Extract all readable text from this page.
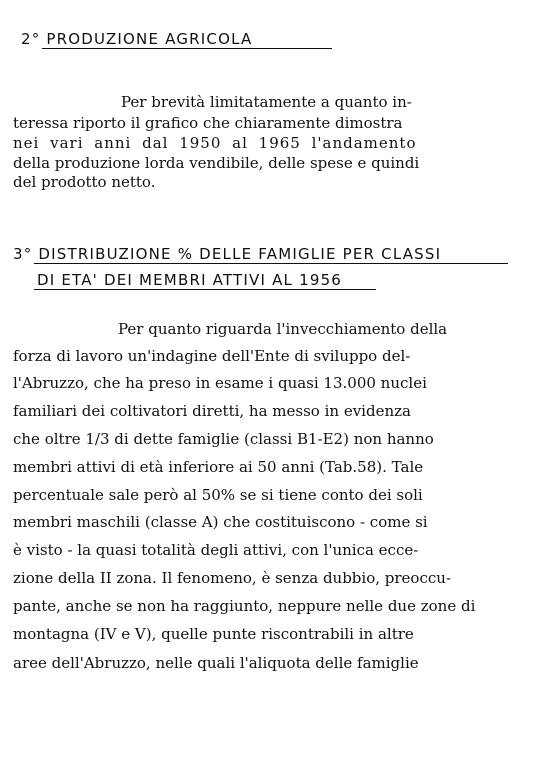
2° PRODUZIONE AGRICOLA
Per brevità limitatamente a quanto in-
teressa riporto il grafico che chiaramente dimostra
nei vari anni dal 1950 al 1965 l'andamento
della produzione lorda vendibile, delle spese e quindi
del prodotto netto.
3° DISTRIBUZIONE % DELLE FAMIGLIE PER CLASSI
DI ETA' DEI MEMBRI ATTIVI AL 1956
Per quanto riguarda l'invecchiamento della
forza di lavoro un'indagine dell'Ente di sviluppo del-
l'Abruzzo, che ha preso in esame i quasi 13.000 nuclei
familiari dei coltivatori diretti, ha messo in evidenza
che oltre 1/3 di dette famiglie (classi B1-E2) non hanno
membri attivi di età inferiore ai 50 anni (Tab.58). Tale
percentuale sale però al 50% se si tiene conto dei soli
membri maschili (classe A) che costituiscono - come si
è visto - la quasi totalità degli attivi, con l'unica ecce-
zione della II zona. Il fenomeno, è senza dubbio, preoccu-
pante, anche se non ha raggiunto, neppure nelle due zone di
montagna (IV e V), quelle punte riscontrabili in altre
aree dell'Abruzzo, nelle quali l'aliquota delle famiglie
